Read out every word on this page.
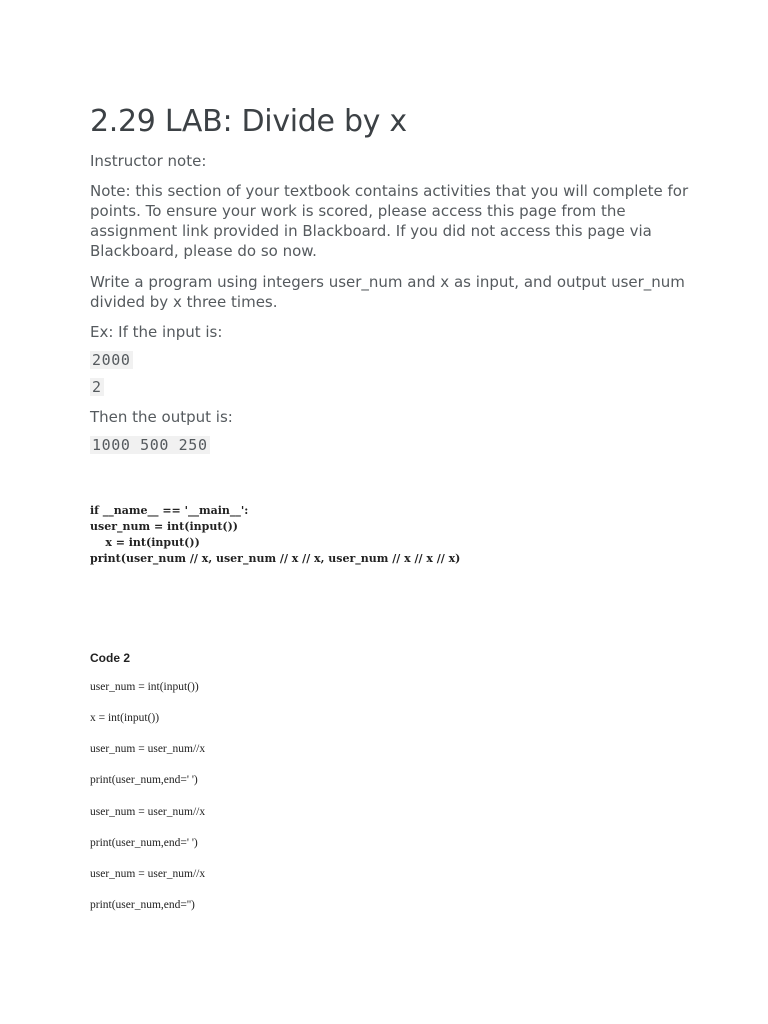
2.29 LAB: Divide by x

Instructor note:

Note: this section of your textbook contains activities that you will complete for points. To ensure your work is scored, please access this page from the assignment link provided in Blackboard. If you did not access this page via Blackboard, please do so now.

Write a program using integers user_num and x as input, and output user_num divided by x three times.

Ex: If the input is:

2000
2

Then the output is:

1000 500 250
if __name__ == '__main__':
user_num = int(input())
x = int(input())
print(user_num // x, user_num // x // x, user_num // x // x // x)

Code 2

user_num = int(input())

x = int(input())

user_num = user_num//x

print(user_num,end=' ')

user_num = user_num//x

print(user_num,end=' ')

user_num = user_num//x

print(user_num,end='')
